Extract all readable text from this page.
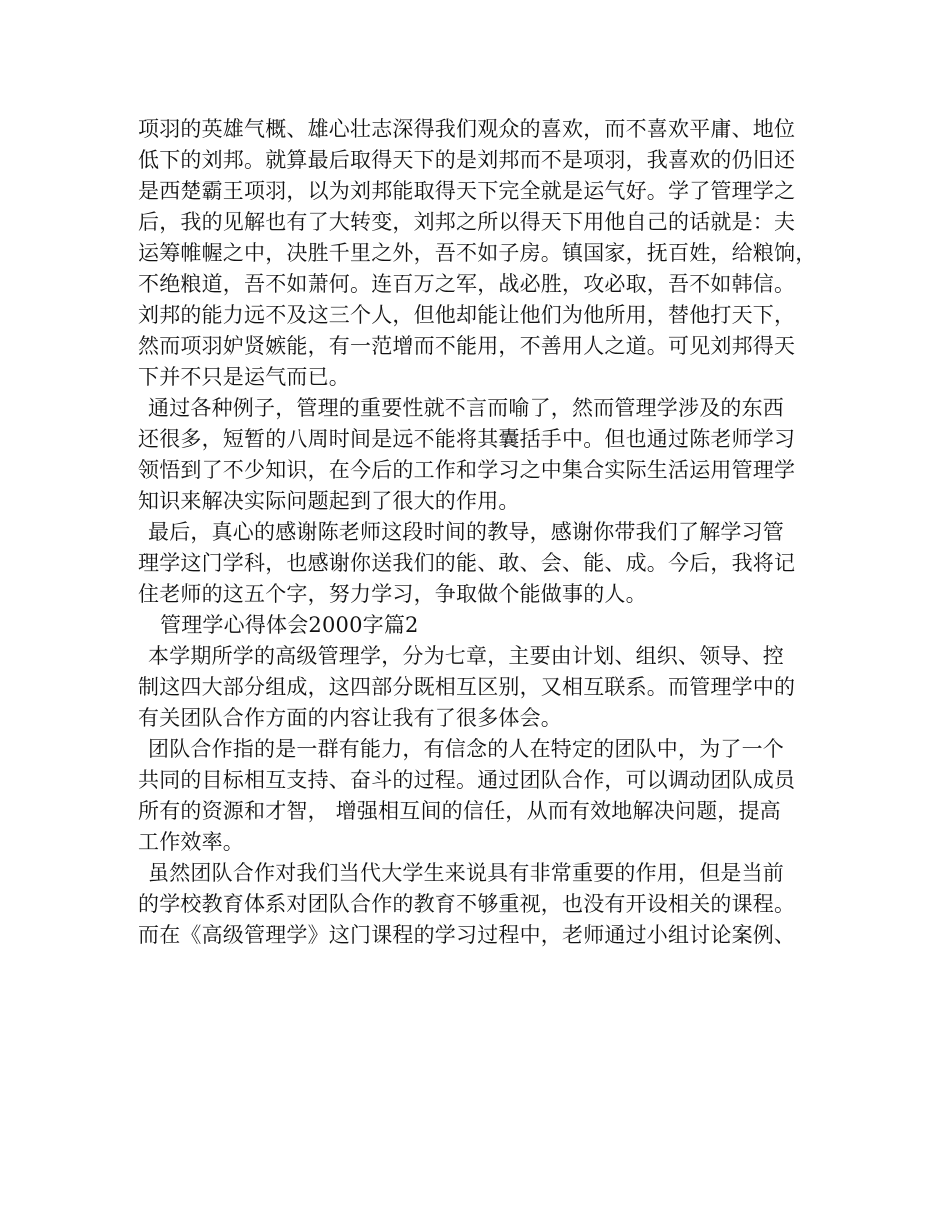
项羽的英雄气概、雄心壮志深得我们观众的喜欢，而不喜欢平庸、地位
低下的刘邦。就算最后取得天下的是刘邦而不是项羽，我喜欢的仍旧还
是西楚霸王项羽，以为刘邦能取得天下完全就是运气好。学了管理学之
后，我的见解也有了大转变，刘邦之所以得天下用他自己的话就是：夫
运筹帷幄之中，决胜千里之外，吾不如子房。镇国家，抚百姓，给粮饷，
不绝粮道，吾不如萧何。连百万之军，战必胜，攻必取，吾不如韩信。
刘邦的能力远不及这三个人，但他却能让他们为他所用，替他打天下，
然而项羽妒贤嫉能，有一范增而不能用，不善用人之道。可见刘邦得天
下并不只是运气而已。
通过各种例子，管理的重要性就不言而喻了，然而管理学涉及的东西
还很多，短暂的八周时间是远不能将其囊括手中。但也通过陈老师学习
领悟到了不少知识，在今后的工作和学习之中集合实际生活运用管理学
知识来解决实际问题起到了很大的作用。
最后，真心的感谢陈老师这段时间的教导，感谢你带我们了解学习管
理学这门学科，也感谢你送我们的能、敢、会、能、成。今后，我将记
住老师的这五个字，努力学习，争取做个能做事的人。
管理学心得体会2000字篇2
本学期所学的高级管理学，分为七章，主要由计划、组织、领导、控
制这四大部分组成，这四部分既相互区别，又相互联系。而管理学中的
有关团队合作方面的内容让我有了很多体会。
团队合作指的是一群有能力，有信念的人在特定的团队中，为了一个
共同的目标相互支持、奋斗的过程。通过团队合作，可以调动团队成员
所有的资源和才智， 增强相互间的信任，从而有效地解决问题，提高
工作效率。
虽然团队合作对我们当代大学生来说具有非常重要的作用，但是当前
的学校教育体系对团队合作的教育不够重视，也没有开设相关的课程。
而在《高级管理学》这门课程的学习过程中，老师通过小组讨论案例、
